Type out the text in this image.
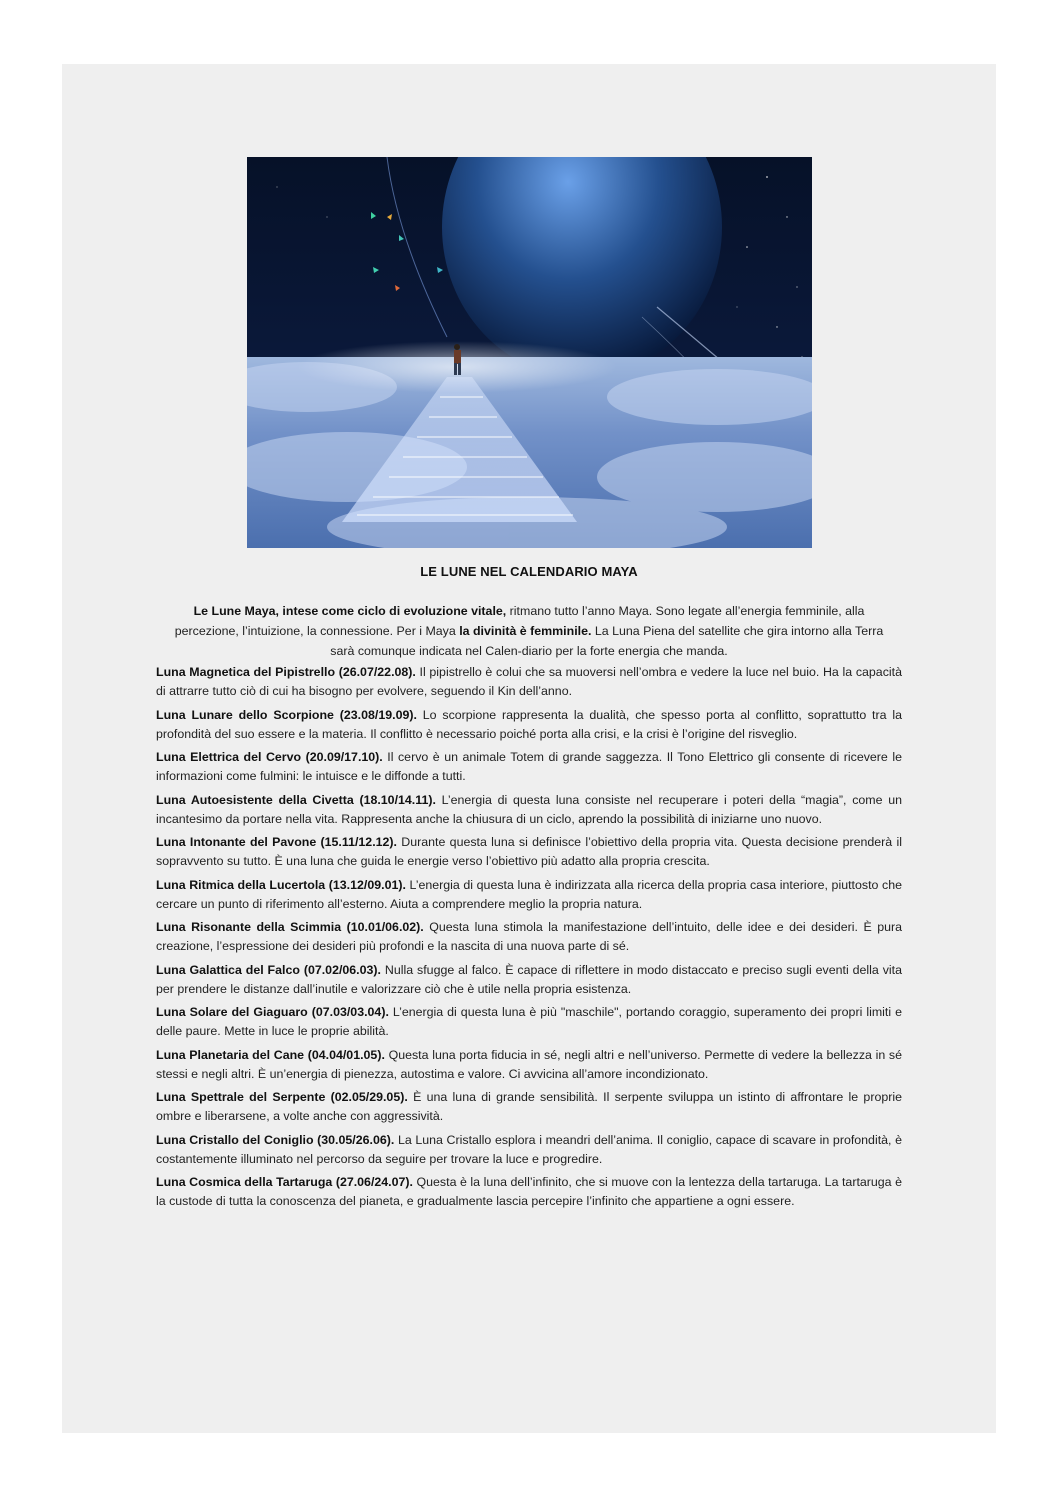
LE LUNE NEL CALENDARIO MAYA
Le Lune Maya, intese come ciclo di evoluzione vitale, ritmano tutto l’anno Maya. Sono legate all’energia femminile, alla percezione, l’intuizione, la connessione. Per i Maya la divinità è femminile. La Luna Piena del satellite che gira intorno alla Terra sarà comunque indicata nel Calen-diario per la forte energia che manda.

Luna Magnetica del Pipistrello (26.07/22.08). Il pipistrello è colui che sa muoversi nell’ombra e vedere la luce nel buio. Ha la capacità di attrarre tutto ciò di cui ha bisogno per evolvere, seguendo il Kin dell’anno.

Luna Lunare dello Scorpione (23.08/19.09). Lo scorpione rappresenta la dualità, che spesso porta al conflitto, soprattutto tra la profondità del suo essere e la materia. Il conflitto è necessario poiché porta alla crisi, e la crisi è l’origine del risveglio.

Luna Elettrica del Cervo (20.09/17.10). Il cervo è un animale Totem di grande saggezza. Il Tono Elettrico gli consente di ricevere le informazioni come fulmini: le intuisce e le diffonde a tutti.

Luna Autoesistente della Civetta (18.10/14.11). L’energia di questa luna consiste nel recuperare i poteri della “magia”, come un incantesimo da portare nella vita. Rappresenta anche la chiusura di un ciclo, aprendo la possibilità di iniziarne uno nuovo.

Luna Intonante del Pavone (15.11/12.12). Durante questa luna si definisce l’obiettivo della propria vita. Questa decisione prenderà il sopravvento su tutto. È una luna che guida le energie verso l’obiettivo più adatto alla propria crescita.

Luna Ritmica della Lucertola (13.12/09.01). L’energia di questa luna è indirizzata alla ricerca della propria casa interiore, piuttosto che cercare un punto di riferimento all’esterno. Aiuta a comprendere meglio la propria natura.

Luna Risonante della Scimmia (10.01/06.02). Questa luna stimola la manifestazione dell’intuito, delle idee e dei desideri. È pura creazione, l’espressione dei desideri più profondi e la nascita di una nuova parte di sé.

Luna Galattica del Falco (07.02/06.03). Nulla sfugge al falco. È capace di riflettere in modo distaccato e preciso sugli eventi della vita per prendere le distanze dall’inutile e valorizzare ciò che è utile nella propria esistenza.

Luna Solare del Giaguaro (07.03/03.04). L’energia di questa luna è più "maschile", portando coraggio, superamento dei propri limiti e delle paure. Mette in luce le proprie abilità.

Luna Planetaria del Cane (04.04/01.05). Questa luna porta fiducia in sé, negli altri e nell’universo. Permette di vedere la bellezza in sé stessi e negli altri. È un’energia di pienezza, autostima e valore. Ci avvicina all’amore incondizionato.

Luna Spettrale del Serpente (02.05/29.05). È una luna di grande sensibilità. Il serpente sviluppa un istinto di affrontare le proprie ombre e liberarsene, a volte anche con aggressività.

Luna Cristallo del Coniglio (30.05/26.06). La Luna Cristallo esplora i meandri dell’anima. Il coniglio, capace di scavare in profondità, è costantemente illuminato nel percorso da seguire per trovare la luce e progredire.

Luna Cosmica della Tartaruga (27.06/24.07). Questa è la luna dell’infinito, che si muove con la lentezza della tartaruga. La tartaruga è la custode di tutta la conoscenza del pianeta, e gradualmente lascia percepire l’infinito che appartiene a ogni essere.
